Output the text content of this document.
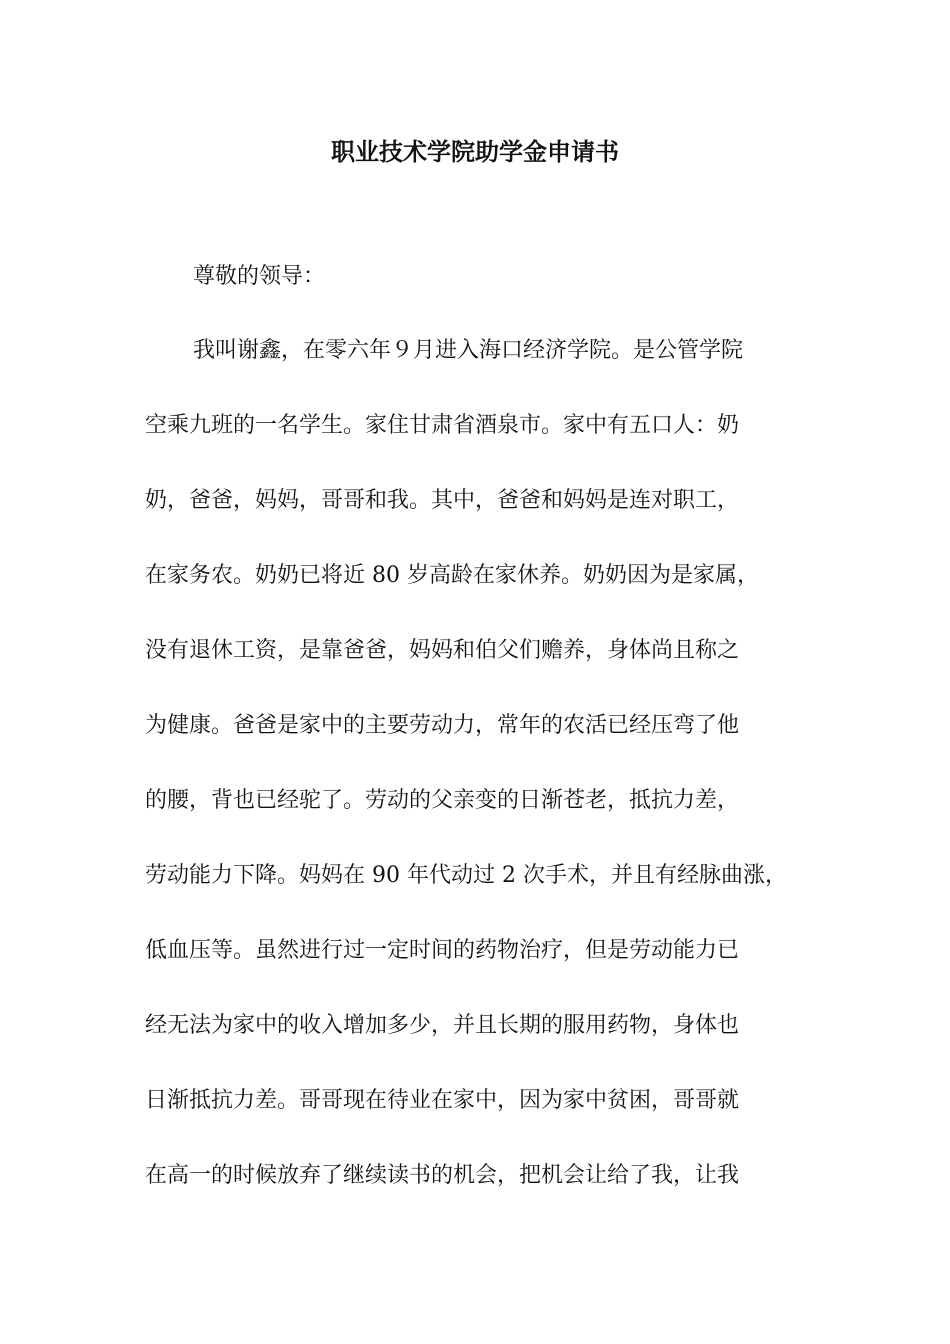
职业技术学院助学金申请书
尊敬的领导：
我叫谢鑫，在零六年９月进入海口经济学院。是公管学院
空乘九班的一名学生。家住甘肃省酒泉市。家中有五口人：奶
奶，爸爸，妈妈，哥哥和我。其中，爸爸和妈妈是连对职工，
在家务农。奶奶已将近 80 岁高龄在家休养。奶奶因为是家属，
没有退休工资，是靠爸爸，妈妈和伯父们赡养，身体尚且称之
为健康。爸爸是家中的主要劳动力，常年的农活已经压弯了他
的腰，背也已经驼了。劳动的父亲变的日渐苍老，抵抗力差，
劳动能力下降。妈妈在 90 年代动过 2 次手术，并且有经脉曲涨，
低血压等。虽然进行过一定时间的药物治疗，但是劳动能力已
经无法为家中的收入增加多少，并且长期的服用药物，身体也
日渐抵抗力差。哥哥现在待业在家中，因为家中贫困，哥哥就
在高一的时候放弃了继续读书的机会，把机会让给了我，让我
